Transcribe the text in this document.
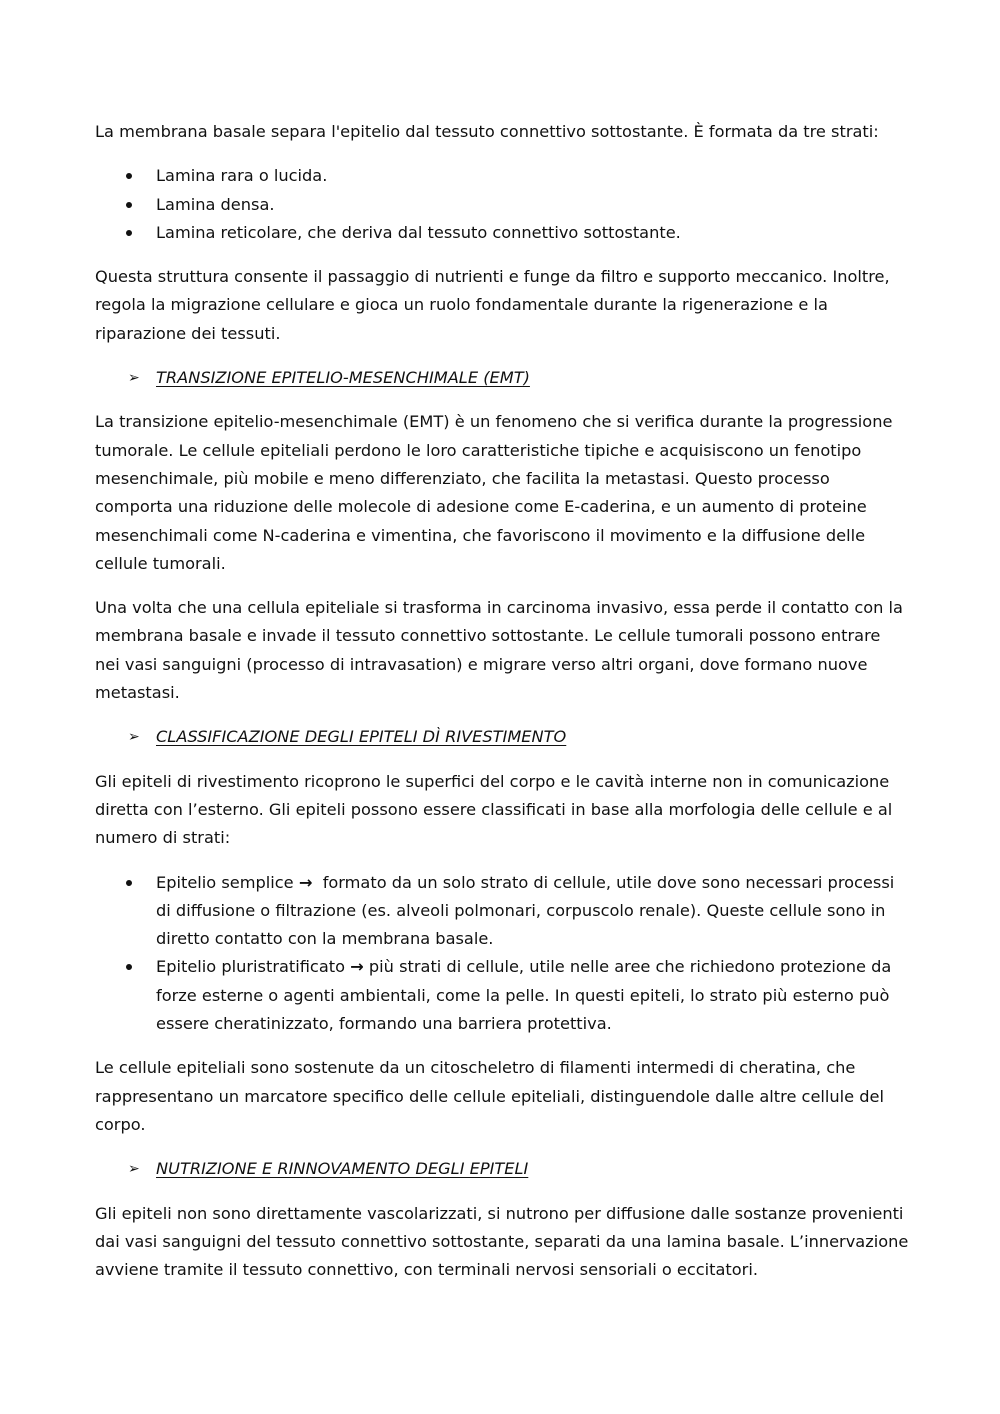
La membrana basale separa l'epitelio dal tessuto connettivo sottostante. È formata da tre strati:

Lamina rara o lucida.
Lamina densa.
Lamina reticolare, che deriva dal tessuto connettivo sottostante.

Questa struttura consente il passaggio di nutrienti e funge da filtro e supporto meccanico. Inoltre, regola la migrazione cellulare e gioca un ruolo fondamentale durante la rigenerazione e la riparazione dei tessuti.

➢ TRANSIZIONE EPITELIO-MESENCHIMALE (EMT)

La transizione epitelio-mesenchimale (EMT) è un fenomeno che si verifica durante la progressione tumorale. Le cellule epiteliali perdono le loro caratteristiche tipiche e acquisiscono un fenotipo mesenchimale, più mobile e meno differenziato, che facilita la metastasi. Questo processo comporta una riduzione delle molecole di adesione come E-caderina, e un aumento di proteine mesenchimali come N-caderina e vimentina, che favoriscono il movimento e la diffusione delle cellule tumorali.

Una volta che una cellula epiteliale si trasforma in carcinoma invasivo, essa perde il contatto con la membrana basale e invade il tessuto connettivo sottostante. Le cellule tumorali possono entrare nei vasi sanguigni (processo di intravasation) e migrare verso altri organi, dove formano nuove metastasi.

➢ CLASSIFICAZIONE DEGLI EPITELI DÌ RIVESTIMENTO

Gli epiteli di rivestimento ricoprono le superfici del corpo e le cavità interne non in comunicazione diretta con l’esterno. Gli epiteli possono essere classificati in base alla morfologia delle cellule e al numero di strati:

Epitelio semplice → formato da un solo strato di cellule, utile dove sono necessari processi di diffusione o filtrazione (es. alveoli polmonari, corpuscolo renale). Queste cellule sono in diretto contatto con la membrana basale.
Epitelio pluristratificato → più strati di cellule, utile nelle aree che richiedono protezione da forze esterne o agenti ambientali, come la pelle. In questi epiteli, lo strato più esterno può essere cheratinizzato, formando una barriera protettiva.

Le cellule epiteliali sono sostenute da un citoscheletro di filamenti intermedi di cheratina, che rappresentano un marcatore specifico delle cellule epiteliali, distinguendole dalle altre cellule del corpo.

➢ NUTRIZIONE E RINNOVAMENTO DEGLI EPITELI

Gli epiteli non sono direttamente vascolarizzati, si nutrono per diffusione dalle sostanze provenienti dai vasi sanguigni del tessuto connettivo sottostante, separati da una lamina basale. L’innervazione avviene tramite il tessuto connettivo, con terminali nervosi sensoriali o eccitatori.
